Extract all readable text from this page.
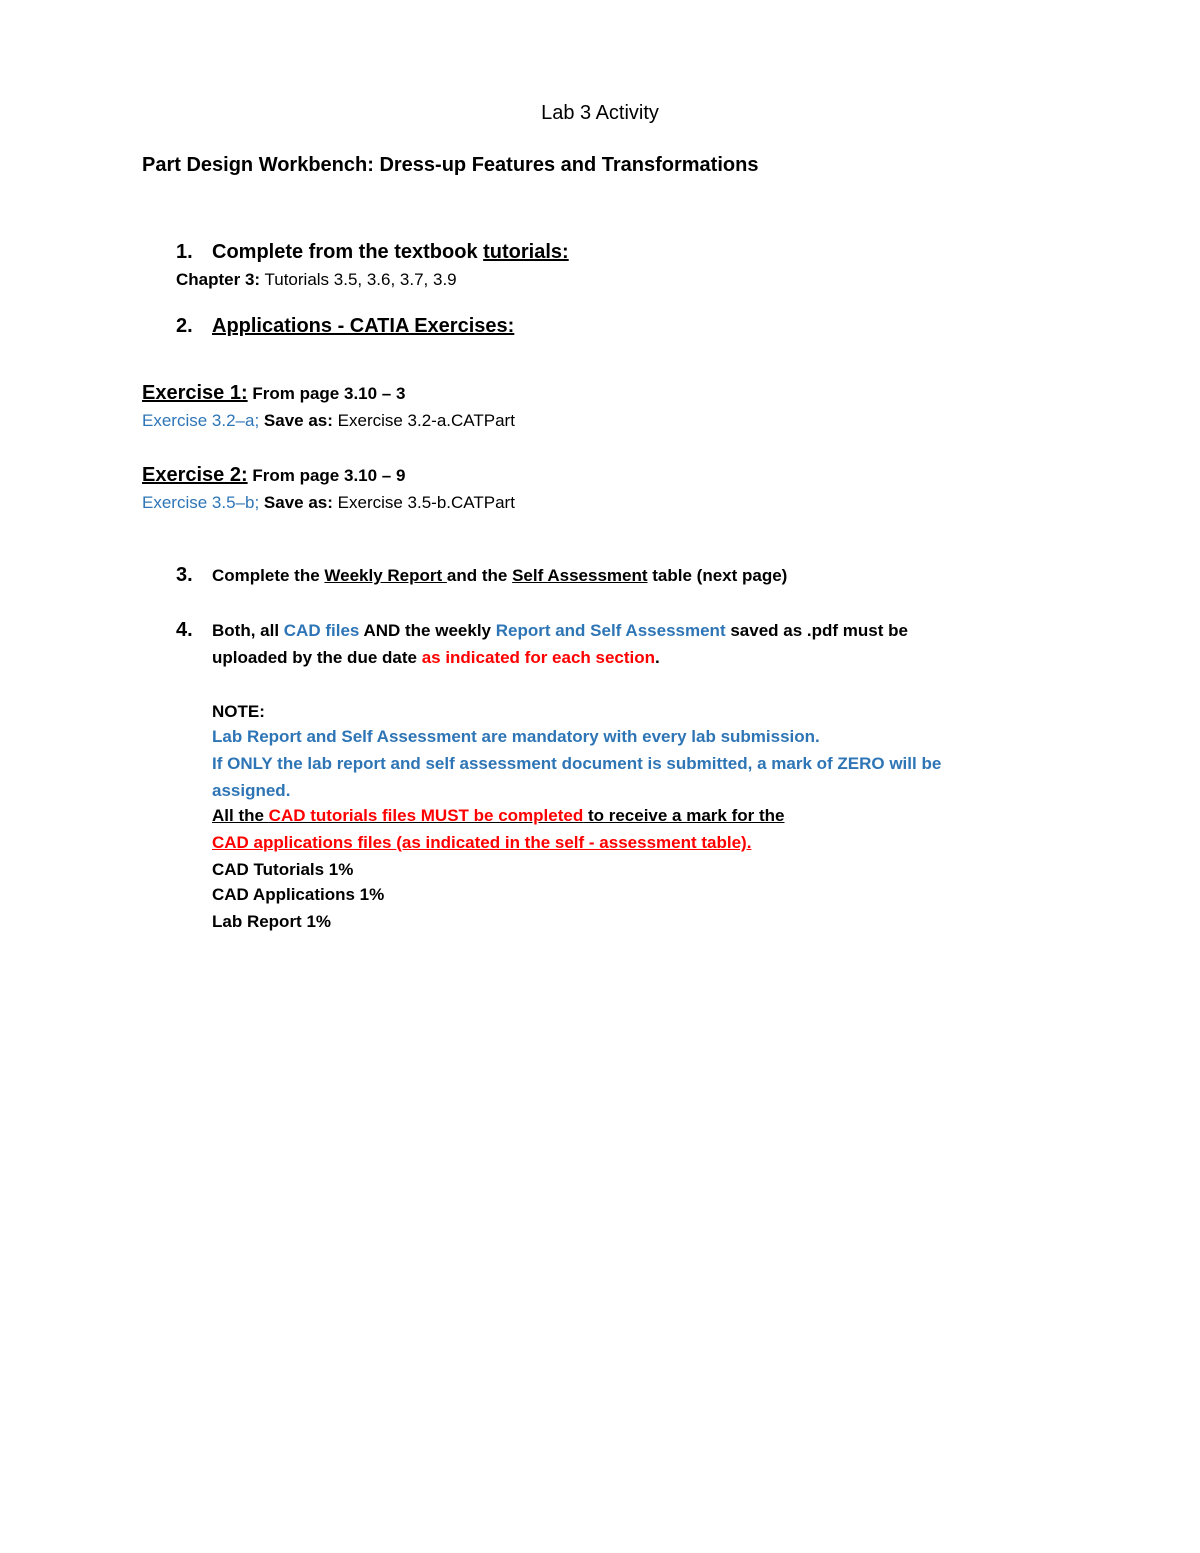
Lab 3 Activity
Part Design Workbench: Dress-up Features and Transformations
1. Complete from the textbook tutorials:
Chapter 3: Tutorials 3.5, 3.6, 3.7, 3.9
2. Applications - CATIA Exercises:
Exercise 1: From page 3.10 – 3
Exercise 3.2–a; Save as: Exercise 3.2-a.CATPart
Exercise 2: From page 3.10 – 9
Exercise 3.5–b; Save as: Exercise 3.5-b.CATPart
3. Complete the Weekly Report and the Self Assessment table (next page)
4. Both, all CAD files AND the weekly Report and Self Assessment saved as .pdf must be
uploaded by the due date as indicated for each section.
NOTE:
Lab Report and Self Assessment are mandatory with every lab submission.
If ONLY the lab report and self assessment document is submitted, a mark of ZERO will be
assigned.
All the CAD tutorials files MUST be completed to receive a mark for the
CAD applications files (as indicated in the self - assessment table).
CAD Tutorials 1%
CAD Applications 1%
Lab Report 1%
